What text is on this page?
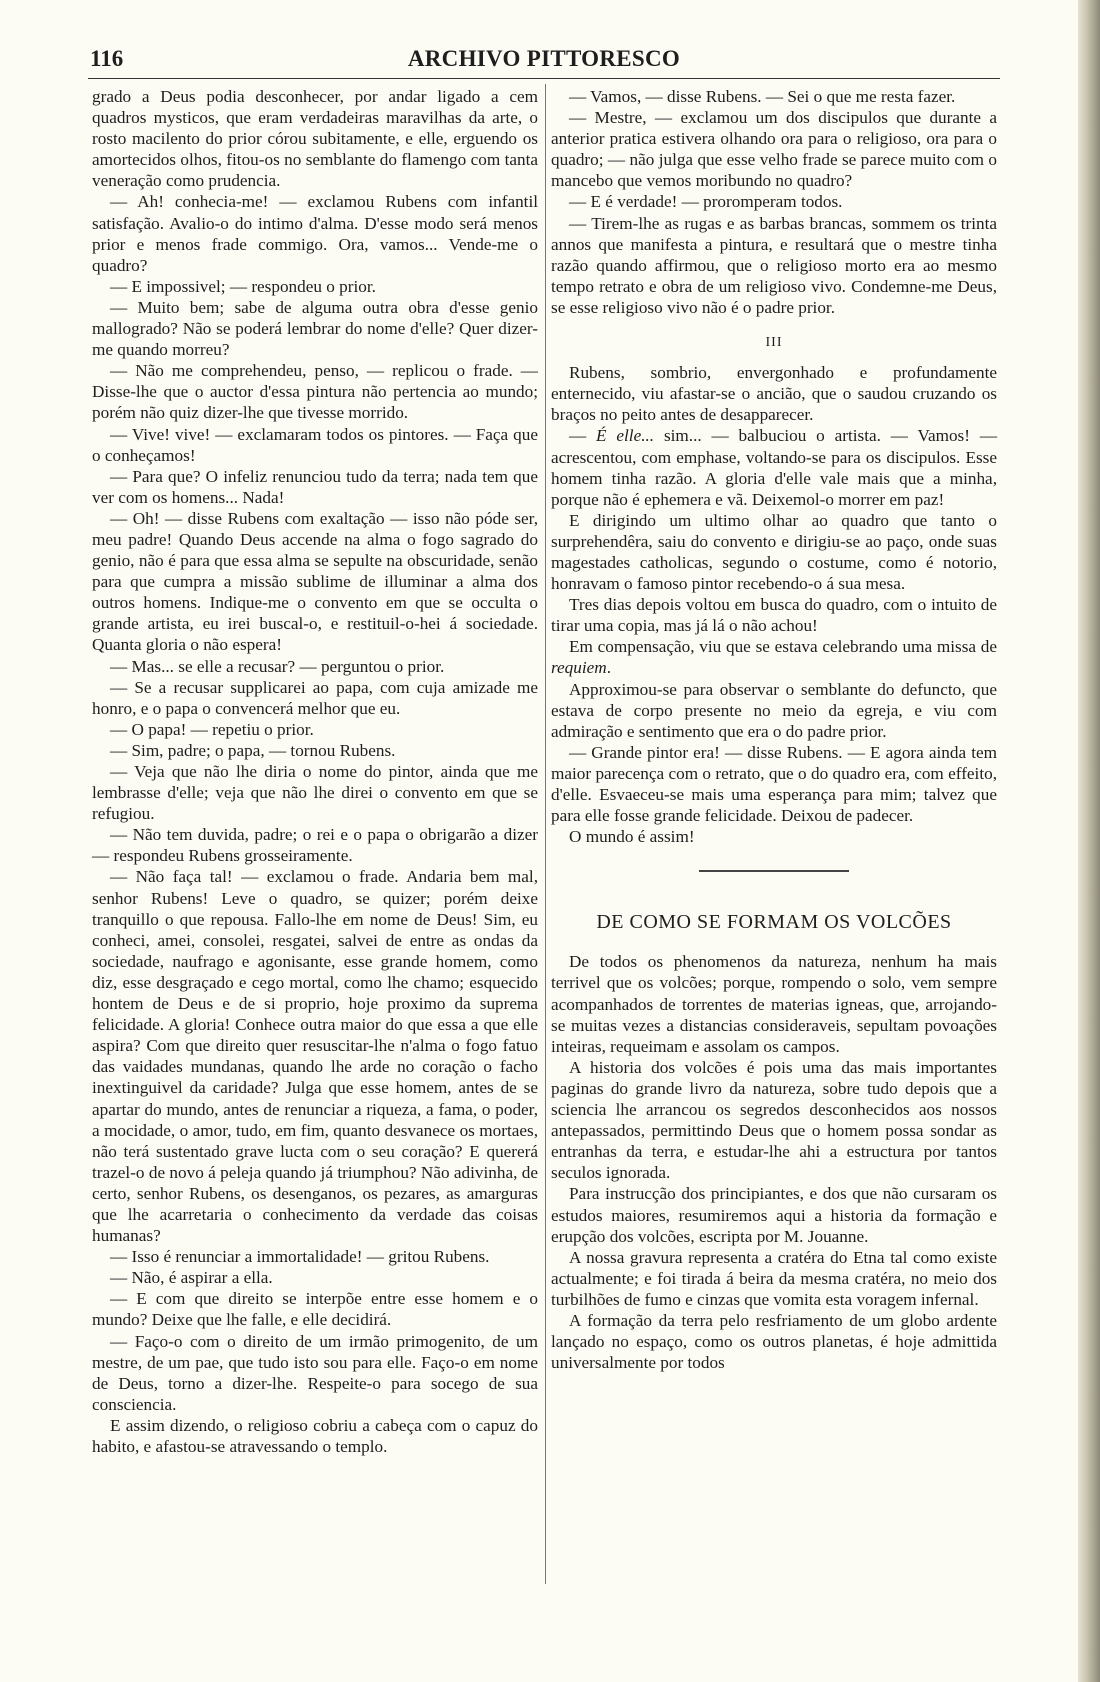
116	ARCHIVO PITTORESCO

grado a Deus podia desconhecer, por andar ligado a cem quadros mysticos, que eram verdadeiras maravilhas da arte, o rosto macilento do prior córou subitamente, e elle, erguendo os amortecidos olhos, fitou-os no semblante do flamengo com tanta veneração como prudencia.

— Ah! conhecia-me! — exclamou Rubens com infantil satisfação. Avalio-o do intimo d'alma. D'esse modo será menos prior e menos frade commigo. Ora, vamos... Vende-me o quadro?

— E impossivel; — respondeu o prior.

— Muito bem; sabe de alguma outra obra d'esse genio mallogrado? Não se poderá lembrar do nome d'elle? Quer dizer-me quando morreu?

— Não me comprehendeu, penso, — replicou o frade. — Disse-lhe que o auctor d'essa pintura não pertencia ao mundo; porém não quiz dizer-lhe que tivesse morrido.

— Vive! vive! — exclamaram todos os pintores. — Faça que o conheçamos!

— Para que? O infeliz renunciou tudo da terra; nada tem que ver com os homens... Nada!

— Oh! — disse Rubens com exaltação — isso não póde ser, meu padre! Quando Deus accende na alma o fogo sagrado do genio, não é para que essa alma se sepulte na obscuridade, senão para que cumpra a missão sublime de illuminar a alma dos outros homens. Indique-me o convento em que se occulta o grande artista, eu irei buscal-o, e restituil-o-hei á sociedade. Quanta gloria o não espera!

— Mas... se elle a recusar? — perguntou o prior.

— Se a recusar supplicarei ao papa, com cuja amizade me honro, e o papa o convencerá melhor que eu.

— O papa! — repetiu o prior.

— Sim, padre; o papa, — tornou Rubens.

— Veja que não lhe diria o nome do pintor, ainda que me lembrasse d'elle; veja que não lhe direi o convento em que se refugiou.

— Não tem duvida, padre; o rei e o papa o obrigarão a dizer — respondeu Rubens grosseiramente.

— Não faça tal! — exclamou o frade. Andaria bem mal, senhor Rubens! Leve o quadro, se quizer; porém deixe tranquillo o que repousa. Fallo-lhe em nome de Deus! Sim, eu conheci, amei, consolei, resgatei, salvei de entre as ondas da sociedade, naufrago e agonisante, esse grande homem, como diz, esse desgraçado e cego mortal, como lhe chamo; esquecido hontem de Deus e de si proprio, hoje proximo da suprema felicidade. A gloria! Conhece outra maior do que essa a que elle aspira? Com que direito quer resuscitar-lhe n'alma o fogo fatuo das vaidades mundanas, quando lhe arde no coração o facho inextinguivel da caridade? Julga que esse homem, antes de se apartar do mundo, antes de renunciar a riqueza, a fama, o poder, a mocidade, o amor, tudo, em fim, quanto desvanece os mortaes, não terá sustentado grave lucta com o seu coração? E quererá trazel-o de novo á peleja quando já triumphou? Não adivinha, de certo, senhor Rubens, os desenganos, os pezares, as amarguras que lhe acarretaria o conhecimento da verdade das coisas humanas?

— Isso é renunciar a immortalidade! — gritou Rubens.

— Não, é aspirar a ella.

— E com que direito se interpõe entre esse homem e o mundo? Deixe que lhe falle, e elle decidirá.

— Faço-o com o direito de um irmão primogenito, de um mestre, de um pae, que tudo isto sou para elle. Faço-o em nome de Deus, torno a dizer-lhe. Respeite-o para socego de sua consciencia.

E assim dizendo, o religioso cobriu a cabeça com o capuz do habito, e afastou-se atravessando o templo.

— Vamos, — disse Rubens. — Sei o que me resta fazer.

— Mestre, — exclamou um dos discipulos que durante a anterior pratica estivera olhando ora para o religioso, ora para o quadro; — não julga que esse velho frade se parece muito com o mancebo que vemos moribundo no quadro?

— E é verdade! — proromperam todos.

— Tirem-lhe as rugas e as barbas brancas, sommem os trinta annos que manifesta a pintura, e resultará que o mestre tinha razão quando affirmou, que o religioso morto era ao mesmo tempo retrato e obra de um religioso vivo. Condemne-me Deus, se esse religioso vivo não é o padre prior.

III

Rubens, sombrio, envergonhado e profundamente enternecido, viu afastar-se o ancião, que o saudou cruzando os braços no peito antes de desapparecer.

— É elle... sim... — balbuciou o artista. — Vamos! — acrescentou, com emphase, voltando-se para os discipulos. Esse homem tinha razão. A gloria d'elle vale mais que a minha, porque não é ephemera e vã. Deixemol-o morrer em paz!

E dirigindo um ultimo olhar ao quadro que tanto o surprehendêra, saiu do convento e dirigiu-se ao paço, onde suas magestades catholicas, segundo o costume, como é notorio, honravam o famoso pintor recebendo-o á sua mesa.

Tres dias depois voltou em busca do quadro, com o intuito de tirar uma copia, mas já lá o não achou!

Em compensação, viu que se estava celebrando uma missa de requiem.

Approximou-se para observar o semblante do defuncto, que estava de corpo presente no meio da egreja, e viu com admiração e sentimento que era o do padre prior.

— Grande pintor era! — disse Rubens. — E agora ainda tem maior parecença com o retrato, que o do quadro era, com effeito, d'elle. Esvaeceu-se mais uma esperança para mim; talvez que para elle fosse grande felicidade. Deixou de padecer.

O mundo é assim!

DE COMO SE FORMAM OS VOLCÕES

De todos os phenomenos da natureza, nenhum ha mais terrivel que os volcões; porque, rompendo o solo, vem sempre acompanhados de torrentes de materias igneas, que, arrojando-se muitas vezes a distancias consideraveis, sepultam povoações inteiras, requeimam e assolam os campos.

A historia dos volcões é pois uma das mais importantes paginas do grande livro da natureza, sobre tudo depois que a sciencia lhe arrancou os segredos desconhecidos aos nossos antepassados, permittindo Deus que o homem possa sondar as entranhas da terra, e estudar-lhe ahi a estructura por tantos seculos ignorada.

Para instrucção dos principiantes, e dos que não cursaram os estudos maiores, resumiremos aqui a historia da formação e erupção dos volcões, escripta por M. Jouanne.

A nossa gravura representa a cratéra do Etna tal como existe actualmente; e foi tirada á beira da mesma cratéra, no meio dos turbilhões de fumo e cinzas que vomita esta voragem infernal.

A formação da terra pelo resfriamento de um globo ardente lançado no espaço, como os outros planetas, é hoje admittida universalmente por todos
